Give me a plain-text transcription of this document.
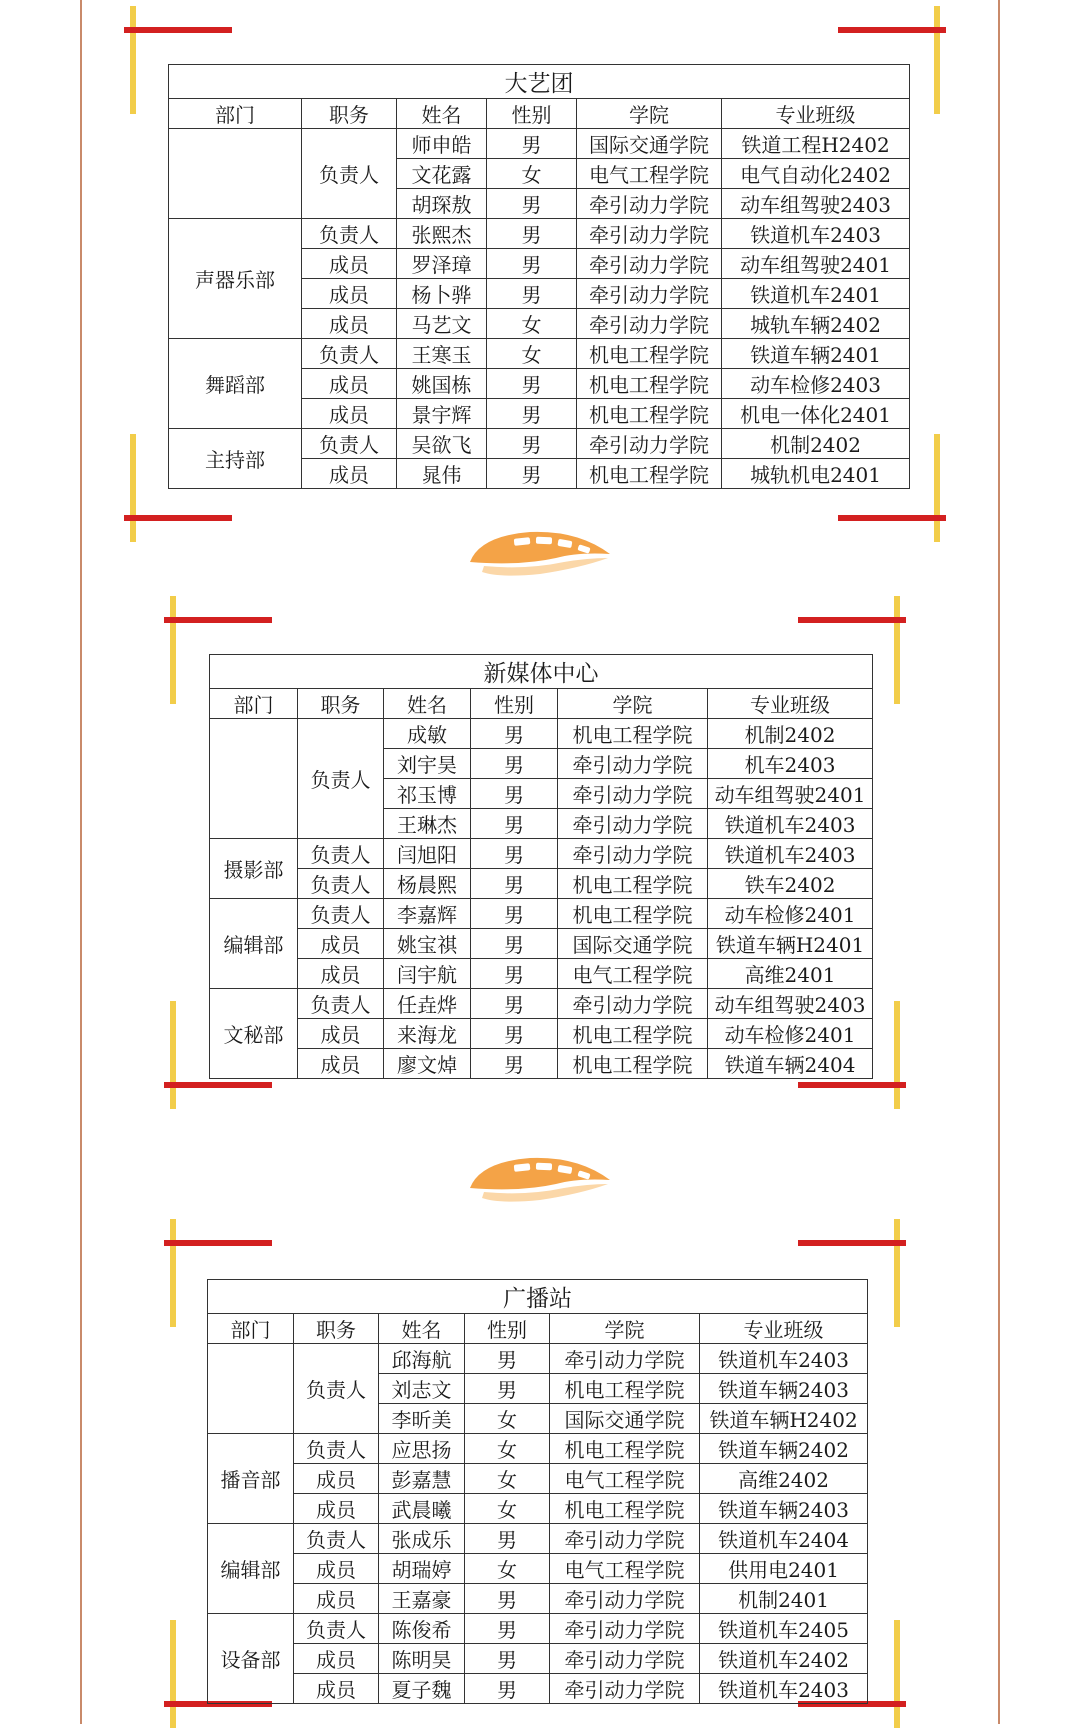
大艺团					
部门	职务	姓名	性别	学院	专业班级
	负责人	师申皓	男	国际交通学院	铁道工程H2402
		文花露	女	电气工程学院	电气自动化2402
		胡琛敖	男	牵引动力学院	动车组驾驶2403
声器乐部	负责人	张熙杰	男	牵引动力学院	铁道机车2403
	成员	罗泽璋	男	牵引动力学院	动车组驾驶2401
	成员	杨卜骅	男	牵引动力学院	铁道机车2401
	成员	马艺文	女	牵引动力学院	城轨车辆2402
舞蹈部	负责人	王寒玉	女	机电工程学院	铁道车辆2401
	成员	姚国栋	男	机电工程学院	动车检修2403
	成员	景宇辉	男	机电工程学院	机电一体化2401
主持部	负责人	吴欲飞	男	牵引动力学院	机制2402
	成员	晁伟	男	机电工程学院	城轨机电2401
新媒体中心					
部门	职务	姓名	性别	学院	专业班级
	负责人	成敏	男	机电工程学院	机制2402
		刘宇昊	男	牵引动力学院	机车2403
		祁玉博	男	牵引动力学院	动车组驾驶2401
		王琳杰	男	牵引动力学院	铁道机车2403
摄影部	负责人	闫旭阳	男	牵引动力学院	铁道机车2403
	负责人	杨晨熙	男	机电工程学院	铁车2402
编辑部	负责人	李嘉辉	男	机电工程学院	动车检修2401
	成员	姚宝祺	男	国际交通学院	铁道车辆H2401
	成员	闫宇航	男	电气工程学院	高维2401
文秘部	负责人	任垚烨	男	牵引动力学院	动车组驾驶2403
	成员	来海龙	男	机电工程学院	动车检修2401
	成员	廖文焯	男	机电工程学院	铁道车辆2404
广播站					
部门	职务	姓名	性别	学院	专业班级
	负责人	邱海航	男	牵引动力学院	铁道机车2403
		刘志文	男	机电工程学院	铁道车辆2403
		李昕美	女	国际交通学院	铁道车辆H2402
播音部	负责人	应思扬	女	机电工程学院	铁道车辆2402
	成员	彭嘉慧	女	电气工程学院	高维2402
	成员	武晨曦	女	机电工程学院	铁道车辆2403
编辑部	负责人	张成乐	男	牵引动力学院	铁道机车2404
	成员	胡瑞婷	女	电气工程学院	供用电2401
	成员	王嘉豪	男	牵引动力学院	机制2401
设备部	负责人	陈俊希	男	牵引动力学院	铁道机车2405
	成员	陈明昊	男	牵引动力学院	铁道机车2402
	成员	夏子魏	男	牵引动力学院	铁道机车2403
